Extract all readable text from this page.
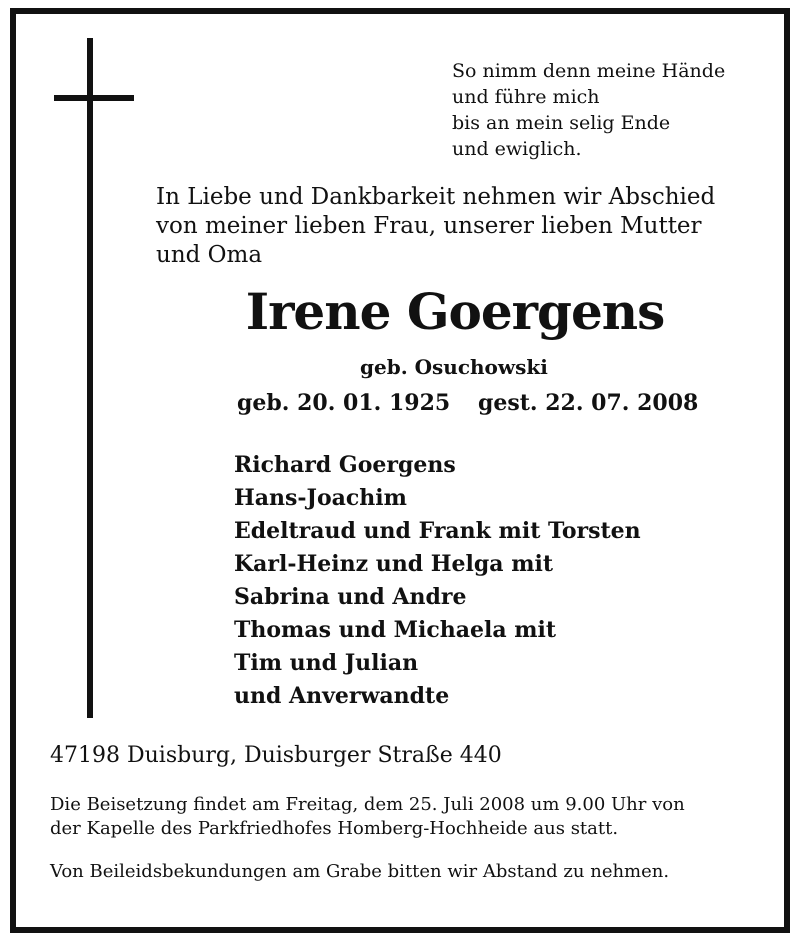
So nimm denn meine Hände
und führe mich
bis an mein selig Ende
und ewiglich.
In Liebe und Dankbarkeit nehmen wir Abschied
von meiner lieben Frau, unserer lieben Mutter
und Oma
Irene Goergens
geb. Osuchowski
geb. 20. 01. 1925 gest. 22. 07. 2008
Richard Goergens
Hans-Joachim
Edeltraud und Frank mit Torsten
Karl-Heinz und Helga mit
Sabrina und Andre
Thomas und Michaela mit
Tim und Julian
und Anverwandte
47198 Duisburg, Duisburger Straße 440
Die Beisetzung findet am Freitag, dem 25. Juli 2008 um 9.00 Uhr von
der Kapelle des Parkfriedhofes Homberg-Hochheide aus statt.
Von Beileidsbekundungen am Grabe bitten wir Abstand zu nehmen.
